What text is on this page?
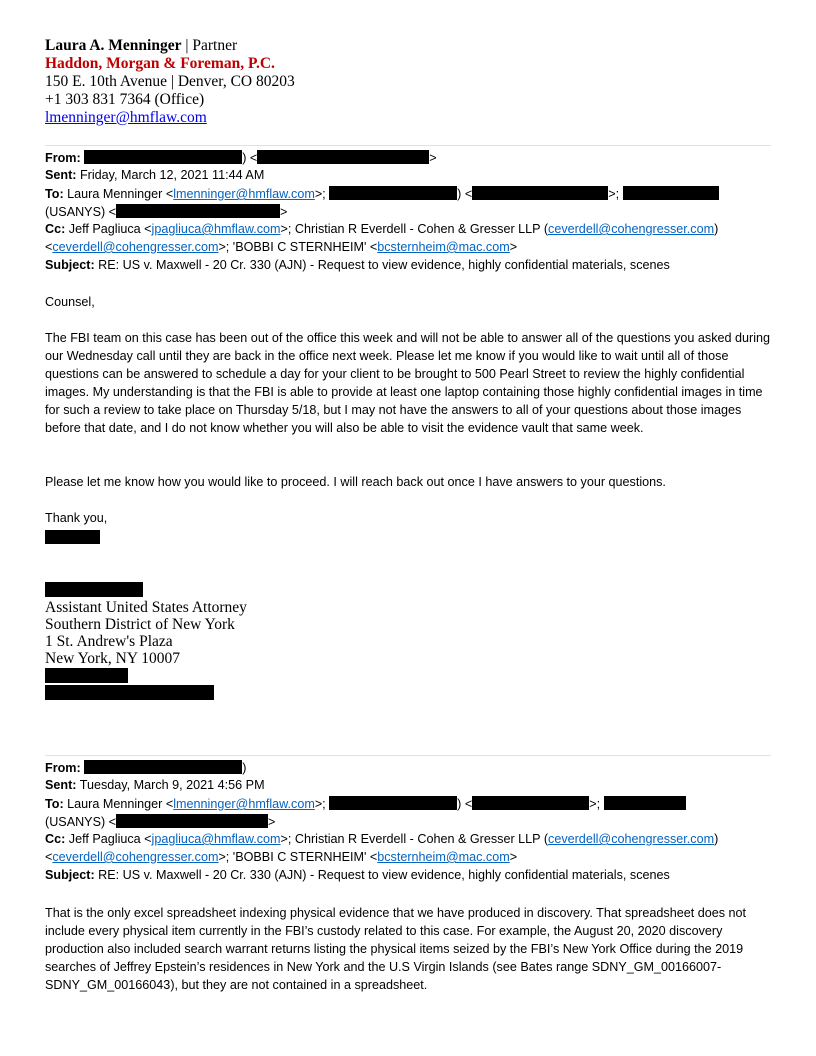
Laura A. Menninger | Partner
Haddon, Morgan & Foreman, P.C.
150 E. 10th Avenue | Denver, CO 80203
+1 303 831 7364 (Office)
lmenninger@hmflaw.com
From:	) <	>
Sent: Friday, March 12, 2021 11:44 AM
To: Laura Menninger <lmenninger@hmflaw.com>;	) <	>;
(USANYS) <	>
Cc: Jeff Pagliuca <jpagliuca@hmflaw.com>; Christian R Everdell - Cohen & Gresser LLP (ceverdell@cohengresser.com)
<ceverdell@cohengresser.com>; 'BOBBI C STERNHEIM' <bcsternheim@mac.com>
Subject: RE: US v. Maxwell - 20 Cr. 330 (AJN) - Request to view evidence, highly confidential materials, scenes
Counsel,
The FBI team on this case has been out of the office this week and will not be able to answer all of the questions you asked during our Wednesday call until they are back in the office next week. Please let me know if you would like to wait until all of those questions can be answered to schedule a day for your client to be brought to 500 Pearl Street to review the highly confidential images. My understanding is that the FBI is able to provide at least one laptop containing those highly confidential images in time for such a review to take place on Thursday 5/18, but I may not have the answers to all of your questions about those images before that date, and I do not know whether you will also be able to visit the evidence vault that same week.
Please let me know how you would like to proceed. I will reach back out once I have answers to your questions.
Thank you,
Assistant United States Attorney
Southern District of New York
1 St. Andrew's Plaza
New York, NY 10007
From:	)
Sent: Tuesday, March 9, 2021 4:56 PM
To: Laura Menninger <lmenninger@hmflaw.com>;	) <	>;
(USANYS) <	>
Cc: Jeff Pagliuca <jpagliuca@hmflaw.com>; Christian R Everdell - Cohen & Gresser LLP (ceverdell@cohengresser.com)
<ceverdell@cohengresser.com>; 'BOBBI C STERNHEIM' <bcsternheim@mac.com>
Subject: RE: US v. Maxwell - 20 Cr. 330 (AJN) - Request to view evidence, highly confidential materials, scenes
That is the only excel spreadsheet indexing physical evidence that we have produced in discovery. That spreadsheet does not include every physical item currently in the FBI’s custody related to this case. For example, the August 20, 2020 discovery production also included search warrant returns listing the physical items seized by the FBI’s New York Office during the 2019 searches of Jeffrey Epstein’s residences in New York and the U.S Virgin Islands (see Bates range SDNY_GM_00166007-SDNY_GM_00166043), but they are not contained in a spreadsheet.
